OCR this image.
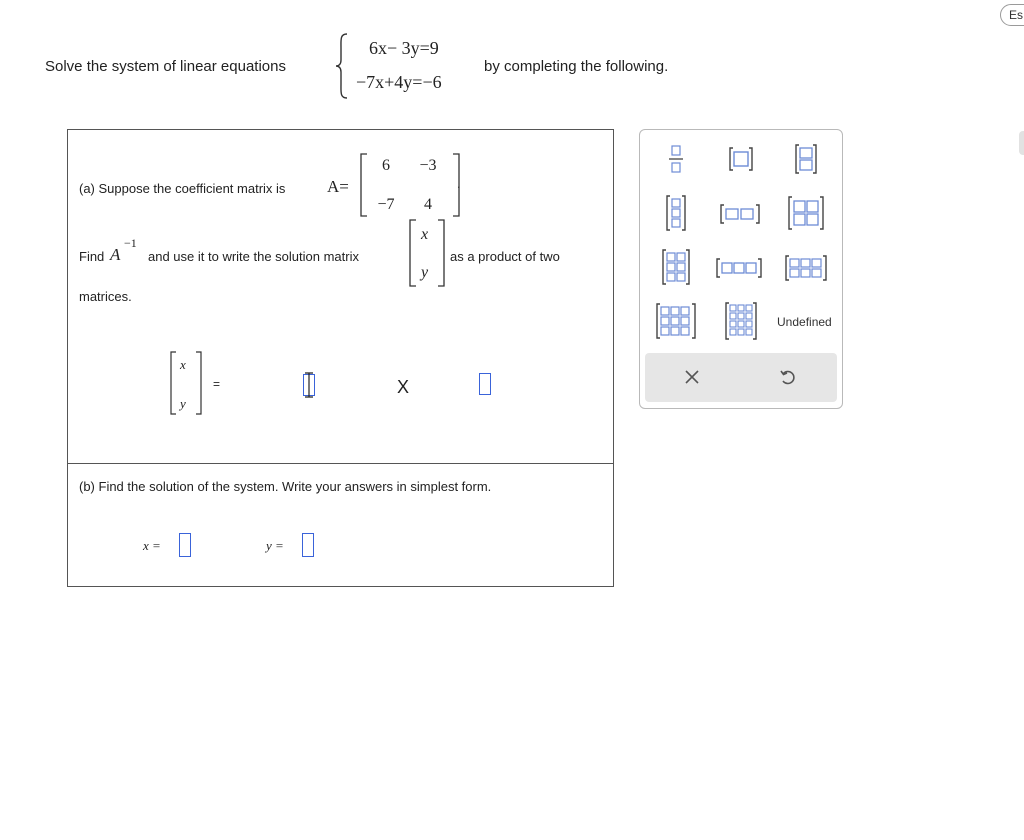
Es
Solve the system of linear equations
6x− 3y=9
−7x+4y=−6
by completing the following.
(a) Suppose the coefficient matrix is A=
6	−3
−7	4
.
Find A
−1
and use it to write the solution matrix
x
y
as a product of two
matrices.
x
y
=	X
(b) Find the solution of the system. Write your answers in simplest form.
x =	y =
Undefined
